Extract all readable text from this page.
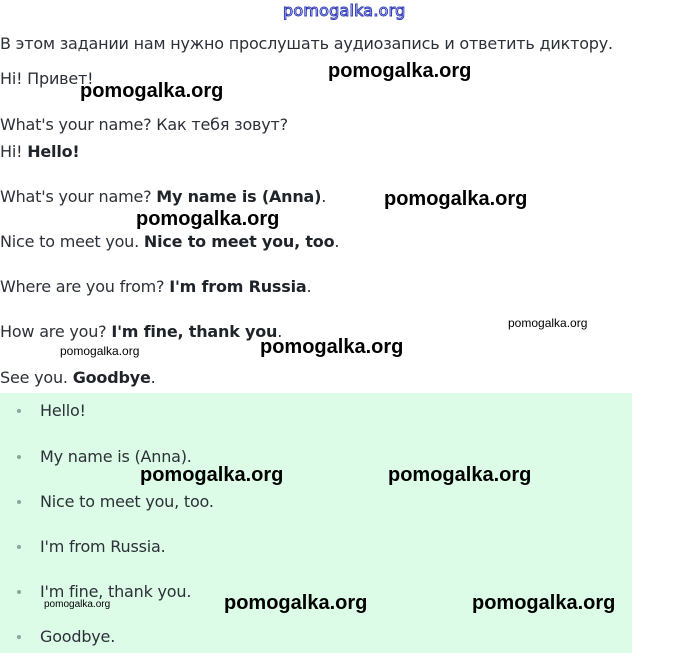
pomogalka.org
В этом задании нам нужно прослушать аудиозапись и ответить диктору.
Hi! Привет!
What's your name? Как тебя зовут?
Hi! Hello!
What's your name? My name is (Anna).
Nice to meet you. Nice to meet you, too.
Where are you from? I'm from Russia.
How are you? I'm fine, thank you.
See you. Goodbye.
Hello!
My name is (Anna).
Nice to meet you, too.
I'm from Russia.
I'm fine, thank you.
Goodbye.
pomogalka.org
pomogalka.org
pomogalka.org
pomogalka.org
pomogalka.org
pomogalka.org
pomogalka.org
pomogalka.org	pomogalka.org
pomogalka.org	pomogalka.org
pomogalka.org
